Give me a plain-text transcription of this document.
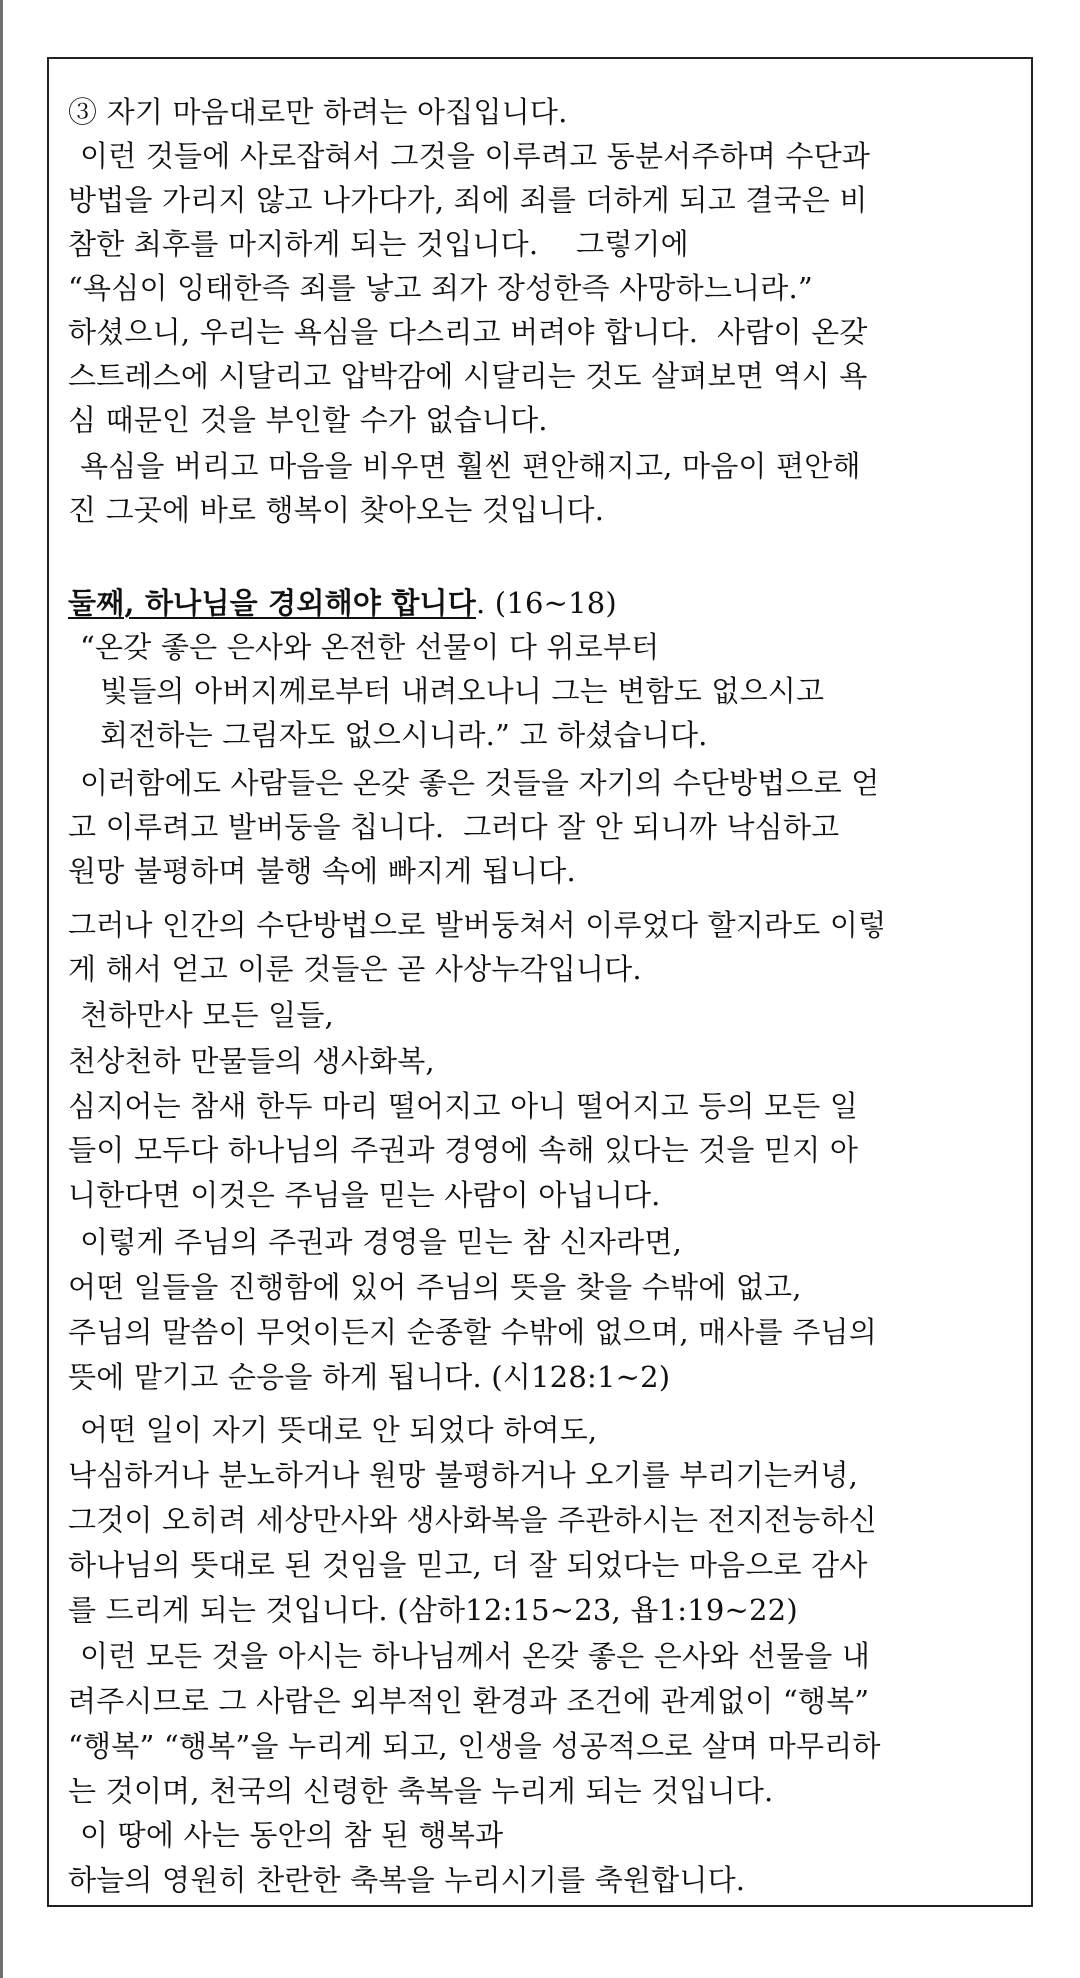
③ 자기 마음대로만 하려는 아집입니다.
이런 것들에 사로잡혀서 그것을 이루려고 동분서주하며 수단과
방법을 가리지 않고 나가다가, 죄에 죄를 더하게 되고 결국은 비
참한 최후를 마지하게 되는 것입니다.    그렇기에
“욕심이 잉태한즉 죄를 낳고 죄가 장성한즉 사망하느니라.”
하셨으니, 우리는 욕심을 다스리고 버려야 합니다.  사람이 온갖
스트레스에 시달리고 압박감에 시달리는 것도 살펴보면 역시 욕
심 때문인 것을 부인할 수가 없습니다.
욕심을 버리고 마음을 비우면 훨씬 편안해지고, 마음이 편안해
진 그곳에 바로 행복이 찾아오는 것입니다.
둘째, 하나님을 경외해야 합니다. (16~18)
“온갖 좋은 은사와 온전한 선물이 다 위로부터
빛들의 아버지께로부터 내려오나니 그는 변함도 없으시고
회전하는 그림자도 없으시니라.” 고 하셨습니다.
이러함에도 사람들은 온갖 좋은 것들을 자기의 수단방법으로 얻
고 이루려고 발버둥을 칩니다.  그러다 잘 안 되니까 낙심하고
원망 불평하며 불행 속에 빠지게 됩니다.
그러나 인간의 수단방법으로 발버둥쳐서 이루었다 할지라도 이렇
게 해서 얻고 이룬 것들은 곧 사상누각입니다.
천하만사 모든 일들,
천상천하 만물들의 생사화복,
심지어는 참새 한두 마리 떨어지고 아니 떨어지고 등의 모든 일
들이 모두다 하나님의 주권과 경영에 속해 있다는 것을 믿지 아
니한다면 이것은 주님을 믿는 사람이 아닙니다.
이렇게 주님의 주권과 경영을 믿는 참 신자라면,
어떤 일들을 진행함에 있어 주님의 뜻을 찾을 수밖에 없고,
주님의 말씀이 무엇이든지 순종할 수밖에 없으며, 매사를 주님의
뜻에 맡기고 순응을 하게 됩니다. (시128:1~2)
어떤 일이 자기 뜻대로 안 되었다 하여도,
낙심하거나 분노하거나 원망 불평하거나 오기를 부리기는커녕,
그것이 오히려 세상만사와 생사화복을 주관하시는 전지전능하신
하나님의 뜻대로 된 것임을 믿고, 더 잘 되었다는 마음으로 감사
를 드리게 되는 것입니다. (삼하12:15~23, 욥1:19~22)
이런 모든 것을 아시는 하나님께서 온갖 좋은 은사와 선물을 내
려주시므로 그 사람은 외부적인 환경과 조건에 관계없이 “행복”
“행복” “행복”을 누리게 되고, 인생을 성공적으로 살며 마무리하
는 것이며, 천국의 신령한 축복을 누리게 되는 것입니다.
이 땅에 사는 동안의 참 된 행복과
하늘의 영원히 찬란한 축복을 누리시기를 축원합니다.
